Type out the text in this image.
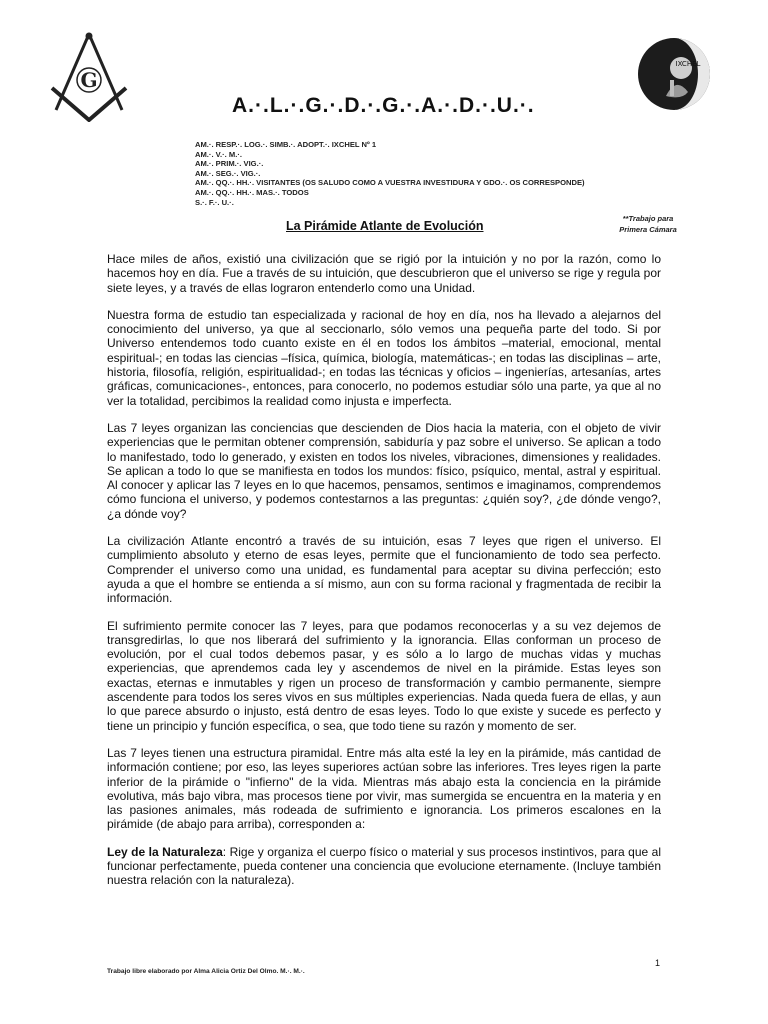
G
IXCHEL
A.·.L.·.G.·.D.·.G.·.A.·.D.·.U.·.
AM.·. RESP.·. LOG.·. SIMB.·. ADOPT.·. IXCHEL Nº 1
AM.·. V.·. M.·.
AM.·. PRIM.·. VIG.·.
AM.·. SEG.·. VIG.·.
AM.·. QQ.·. HH.·. VISITANTES (OS SALUDO COMO A VUESTRA INVESTIDURA Y GDO.·. OS CORRESPONDE)
AM.·. QQ.·. HH.·. MAS.·. TODOS
S.·. F.·. U.·.
La Pirámide Atlante de Evolución
**Trabajo para
Primera Cámara

Hace miles de años, existió una civilización que se rigió por la intuición y no por la razón, como lo hacemos hoy en día. Fue a través de su intuición, que descubrieron que el universo se rige y regula por siete leyes, y a través de ellas lograron entenderlo como una Unidad.

Nuestra forma de estudio tan especializada y racional de hoy en día, nos ha llevado a alejarnos del conocimiento del universo, ya que al seccionarlo, sólo vemos una pequeña parte del todo. Si por Universo entendemos todo cuanto existe en él en todos los ámbitos –material, emocional, mental espiritual-; en todas las ciencias –física, química, biología, matemáticas-; en todas las disciplinas – arte, historia, filosofía, religión, espiritualidad-; en todas las técnicas y oficios – ingenierías, artesanías, artes gráficas, comunicaciones-, entonces, para conocerlo, no podemos estudiar sólo una parte, ya que al no ver la totalidad, percibimos la realidad como injusta e imperfecta.

Las 7 leyes organizan las conciencias que descienden de Dios hacia la materia, con el objeto de vivir experiencias que le permitan obtener comprensión, sabiduría y paz sobre el universo. Se aplican a todo lo manifestado, todo lo generado, y existen en todos los niveles, vibraciones, dimensiones y realidades. Se aplican a todo lo que se manifiesta en todos los mundos: físico, psíquico, mental, astral y espiritual. Al conocer y aplicar las 7 leyes en lo que hacemos, pensamos, sentimos e imaginamos, comprendemos cómo funciona el universo, y podemos contestarnos a las preguntas: ¿quién soy?, ¿de dónde vengo?, ¿a dónde voy?

La civilización Atlante encontró a través de su intuición, esas 7 leyes que rigen el universo. El cumplimiento absoluto y eterno de esas leyes, permite que el funcionamiento de todo sea perfecto. Comprender el universo como una unidad, es fundamental para aceptar su divina perfección; esto ayuda a que el hombre se entienda a sí mismo, aun con su forma racional y fragmentada de recibir la información.

El sufrimiento permite conocer las 7 leyes, para que podamos reconocerlas y a su vez dejemos de transgredirlas, lo que nos liberará del sufrimiento y la ignorancia. Ellas conforman un proceso de evolución, por el cual todos debemos pasar, y es sólo a lo largo de muchas vidas y muchas experiencias, que aprendemos cada ley y ascendemos de nivel en la pirámide. Estas leyes son exactas, eternas e inmutables y rigen un proceso de transformación y cambio permanente, siempre ascendente para todos los seres vivos en sus múltiples experiencias. Nada queda fuera de ellas, y aun lo que parece absurdo o injusto, está dentro de esas leyes. Todo lo que existe y sucede es perfecto y tiene un principio y función específica, o sea, que todo tiene su razón y momento de ser.

Las 7 leyes tienen una estructura piramidal. Entre más alta esté la ley en la pirámide, más cantidad de información contiene; por eso, las leyes superiores actúan sobre las inferiores. Tres leyes rigen la parte inferior de la pirámide o "infierno" de la vida. Mientras más abajo esta la conciencia en la pirámide evolutiva, más bajo vibra, mas procesos tiene por vivir, mas sumergida se encuentra en la materia y en las pasiones animales, más rodeada de sufrimiento e ignorancia. Los primeros escalones en la pirámide (de abajo para arriba), corresponden a:

Ley de la Naturaleza: Rige y organiza el cuerpo físico o material y sus procesos instintivos, para que al funcionar perfectamente, pueda contener una conciencia que evolucione eternamente. (Incluye también nuestra relación con la naturaleza).

1
Trabajo libre elaborado por Alma Alicia Ortiz Del Olmo. M.·. M.·.
